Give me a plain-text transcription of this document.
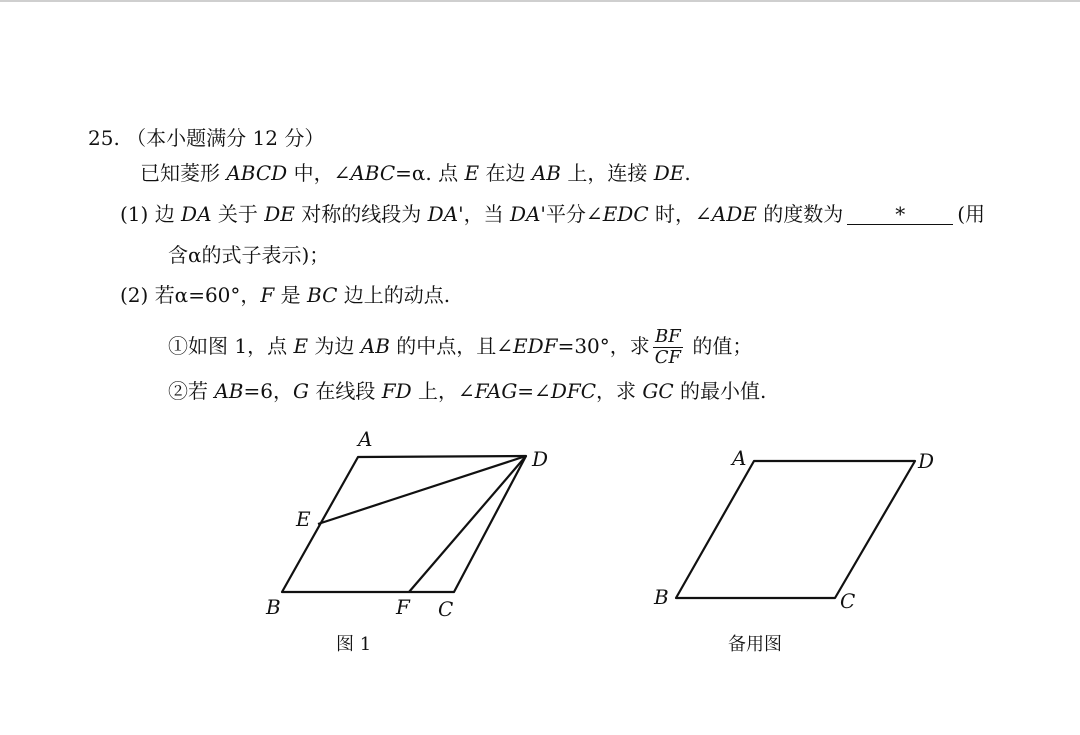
25. （本小题满分 12 分）
已知菱形 ABCD 中，∠ABC=α. 点 E 在边 AB 上，连接 DE.
(1) 边 DA 关于 DE 对称的线段为 DA'，当 DA'平分∠EDC 时，∠ADE 的度数为	*	(用
含α的式子表示)；
(2) 若α=60°，F 是 BC 边上的动点.
①如图 1，点 E 为边 AB 的中点，且∠EDF=30°，求 $\frac{BF}{CF}$ 的值；
②若 AB=6，G 在线段 FD 上，∠FAG=∠DFC，求 GC 的最小值.
A
D
E
B	F C
图 1
A	D
B	C
备用图
